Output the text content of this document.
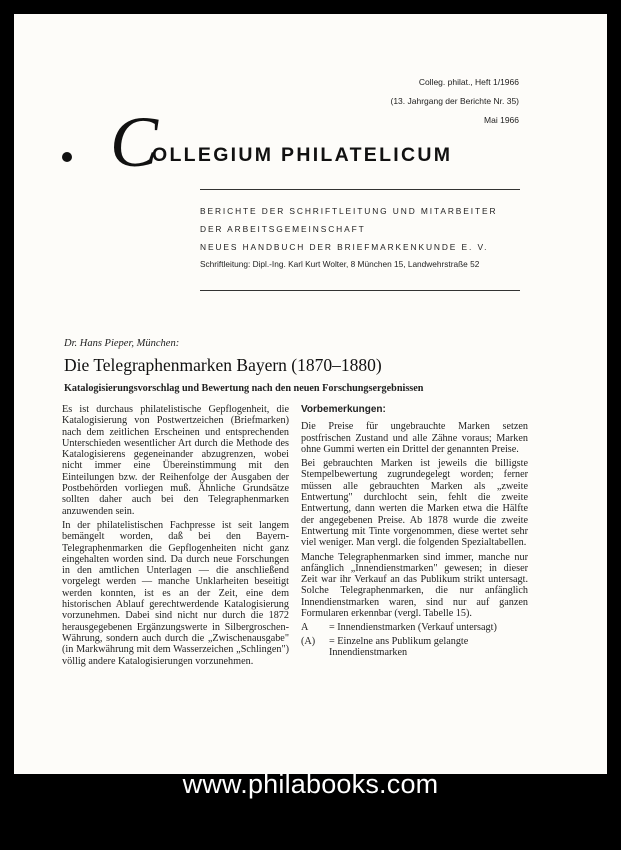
Colleg. philat., Heft 1/1966
(13. Jahrgang der Berichte Nr. 35)
Mai 1966
C
OLLEGIUM PHILATELICUM
BERICHTE DER SCHRIFTLEITUNG UND MITARBEITER
DER ARBEITSGEMEINSCHAFT
NEUES HANDBUCH DER BRIEFMARKENKUNDE E. V.
Schriftleitung: Dipl.-Ing. Karl Kurt Wolter, 8 München 15, Landwehrstraße 52
Dr. Hans Pieper, München:
Die Telegraphenmarken Bayern (1870–1880)
Katalogisierungsvorschlag und Bewertung nach den neuen Forschungsergebnissen

Es ist durchaus philatelistische Gepflogenheit, die Katalogisierung von Postwertzeichen (Briefmarken) nach dem zeitlichen Erscheinen und entsprechenden Unterschieden wesentlicher Art durch die Methode des Katalogisierens gegeneinander abzugrenzen, wobei nicht immer eine Übereinstimmung mit den Einteilungen bzw. der Reihenfolge der Ausgaben der Postbehörden vorliegen muß. Ähnliche Grundsätze sollten daher auch bei den Telegraphenmarken anzuwenden sein.

In der philatelistischen Fachpresse ist seit langem bemängelt worden, daß bei den Bayern-Telegraphenmarken die Gepflogenheiten nicht ganz eingehalten worden sind. Da durch neue Forschungen in den amtlichen Unterlagen — die anschließend vorgelegt werden — manche Unklarheiten beseitigt werden konnten, ist es an der Zeit, eine dem historischen Ablauf gerechtwerdende Katalogisierung vorzunehmen. Dabei sind nicht nur durch die 1872 herausgegebenen Ergänzungswerte in Silbergroschen-Währung, sondern auch durch die „Zwischenausgabe" (in Markwährung mit dem Wasserzeichen „Schlingen") völlig andere Katalogisierungen vorzunehmen.

Vorbemerkungen:

Die Preise für ungebrauchte Marken setzen postfrischen Zustand und alle Zähne voraus; Marken ohne Gummi werten ein Drittel der genannten Preise.

Bei gebrauchten Marken ist jeweils die billigste Stempelbewertung zugrundegelegt worden; ferner müssen alle gebrauchten Marken als „zweite Entwertung" durchlocht sein, fehlt die zweite Entwertung, dann werten die Marken etwa die Hälfte der angegebenen Preise. Ab 1878 wurde die zweite Entwertung mit Tinte vorgenommen, diese wertet sehr viel weniger. Man vergl. die folgenden Spezialtabellen.

Manche Telegraphenmarken sind immer, manche nur anfänglich „Innendienstmarken" gewesen; in dieser Zeit war ihr Verkauf an das Publikum strikt untersagt. Solche Telegraphenmarken, die nur anfänglich Innendienstmarken waren, sind nur auf ganzen Formularen erkennbar (vergl. Tabelle 15).

A	= Innendienstmarken (Verkauf untersagt)
(A)	= Einzelne ans Publikum gelangte Innendienstmarken
www.philabooks.com
